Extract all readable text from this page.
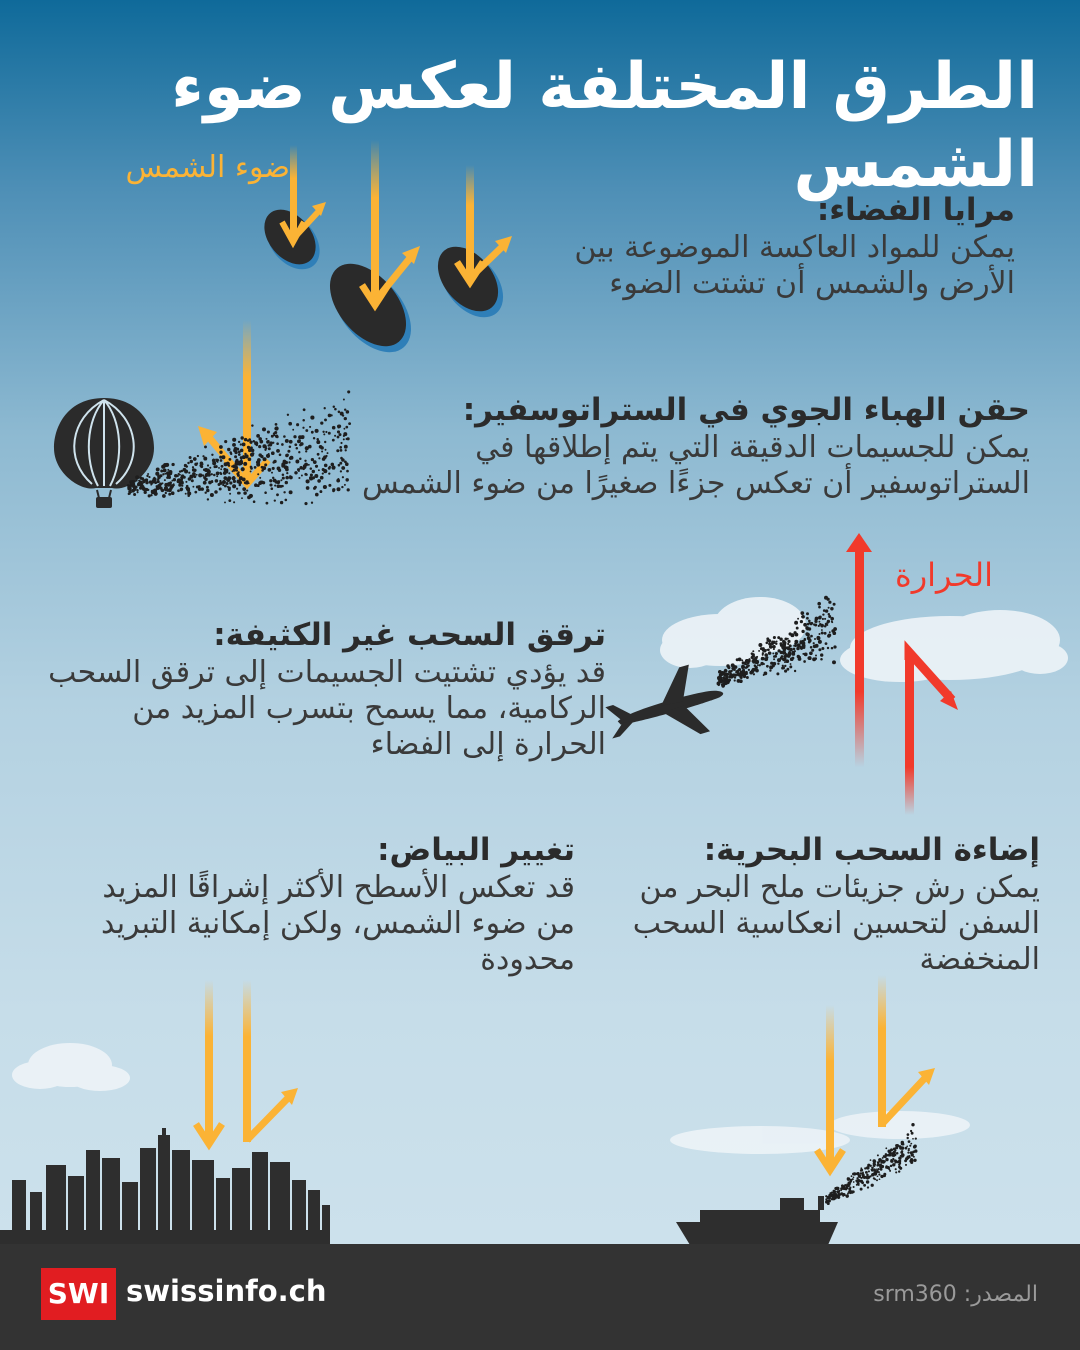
الطرق المختلفة لعكس ضوء الشمس
ضوء الشمس
الحرارة
مرايا الفضاء:
يمكن للمواد العاكسة الموضوعة بين الأرض والشمس أن تشتت الضوء
حقن الهباء الجوي في الستراتوسفير:
يمكن للجسيمات الدقيقة التي يتم إطلاقها في الستراتوسفير أن تعكس جزءًا صغيرًا من ضوء الشمس
ترقق السحب غير الكثيفة:
قد يؤدي تشتيت الجسيمات إلى ترقق السحب الركامية، مما يسمح بتسرب المزيد من الحرارة إلى الفضاء
تغيير البياض:
قد تعكس الأسطح الأكثر إشراقًا المزيد من ضوء الشمس، ولكن إمكانية التبريد محدودة
إضاءة السحب البحرية:
يمكن رش جزيئات ملح البحر من السفن لتحسين انعكاسية السحب المنخفضة
SWI swissinfo.ch	المصدر: srm360
